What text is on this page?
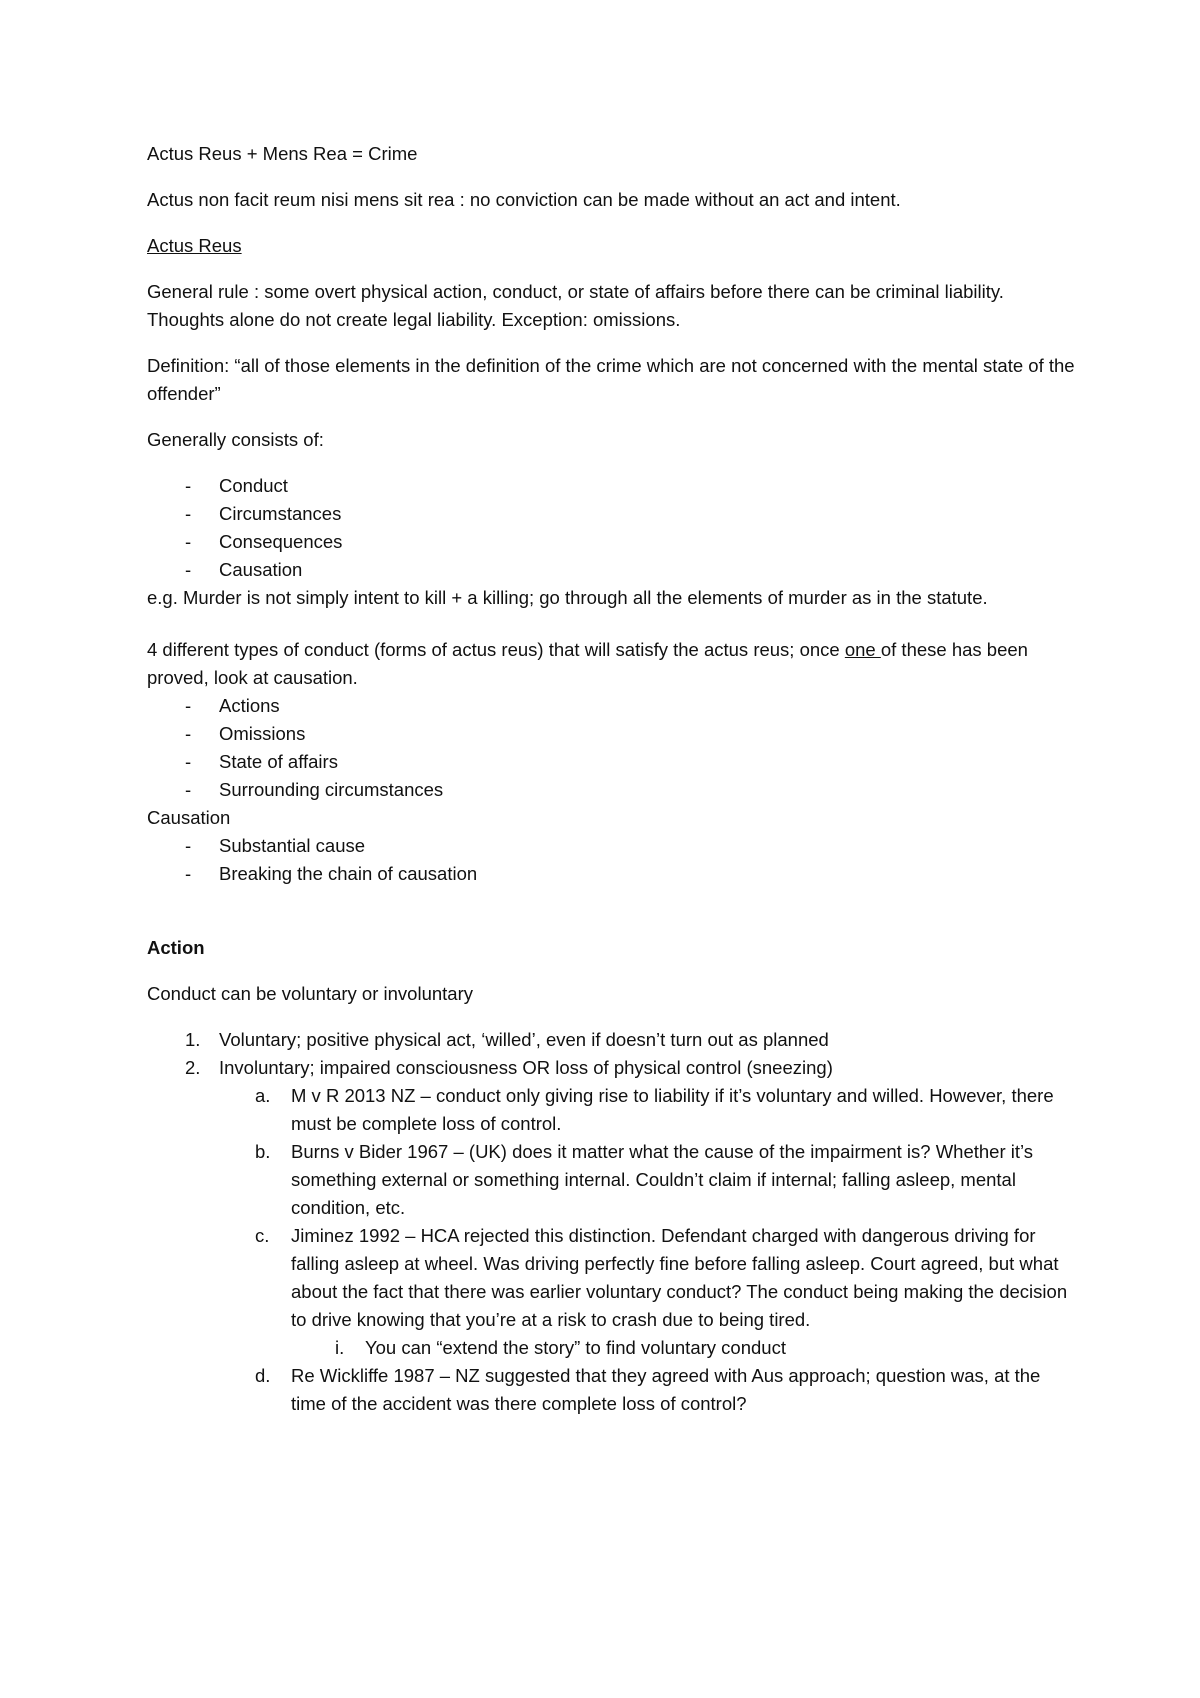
Actus Reus + Mens Rea = Crime

Actus non facit reum nisi mens sit rea : no conviction can be made without an act and intent.

Actus Reus

General rule : some overt physical action, conduct, or state of affairs before there can be criminal liability. Thoughts alone do not create legal liability. Exception: omissions.

Definition: “all of those elements in the definition of the crime which are not concerned with the mental state of the offender”

Generally consists of:

- Conduct
- Circumstances
- Consequences
- Causation

e.g. Murder is not simply intent to kill + a killing; go through all the elements of murder as in the statute.

4 different types of conduct (forms of actus reus) that will satisfy the actus reus; once one of these has been proved, look at causation.

- Actions
- Omissions
- State of affairs
- Surrounding circumstances

Causation

- Substantial cause
- Breaking the chain of causation

Action

Conduct can be voluntary or involuntary

1. Voluntary; positive physical act, ‘willed’, even if doesn’t turn out as planned
2. Involuntary; impaired consciousness OR loss of physical control (sneezing)
a. M v R 2013 NZ – conduct only giving rise to liability if it’s voluntary and willed. However, there must be complete loss of control.
b. Burns v Bider 1967 – (UK) does it matter what the cause of the impairment is? Whether it’s something external or something internal. Couldn’t claim if internal; falling asleep, mental condition, etc.
c. Jiminez 1992 – HCA rejected this distinction. Defendant charged with dangerous driving for falling asleep at wheel. Was driving perfectly fine before falling asleep. Court agreed, but what about the fact that there was earlier voluntary conduct? The conduct being making the decision to drive knowing that you’re at a risk to crash due to being tired.
i. You can “extend the story” to find voluntary conduct
d. Re Wickliffe 1987 – NZ suggested that they agreed with Aus approach; question was, at the time of the accident was there complete loss of control?
